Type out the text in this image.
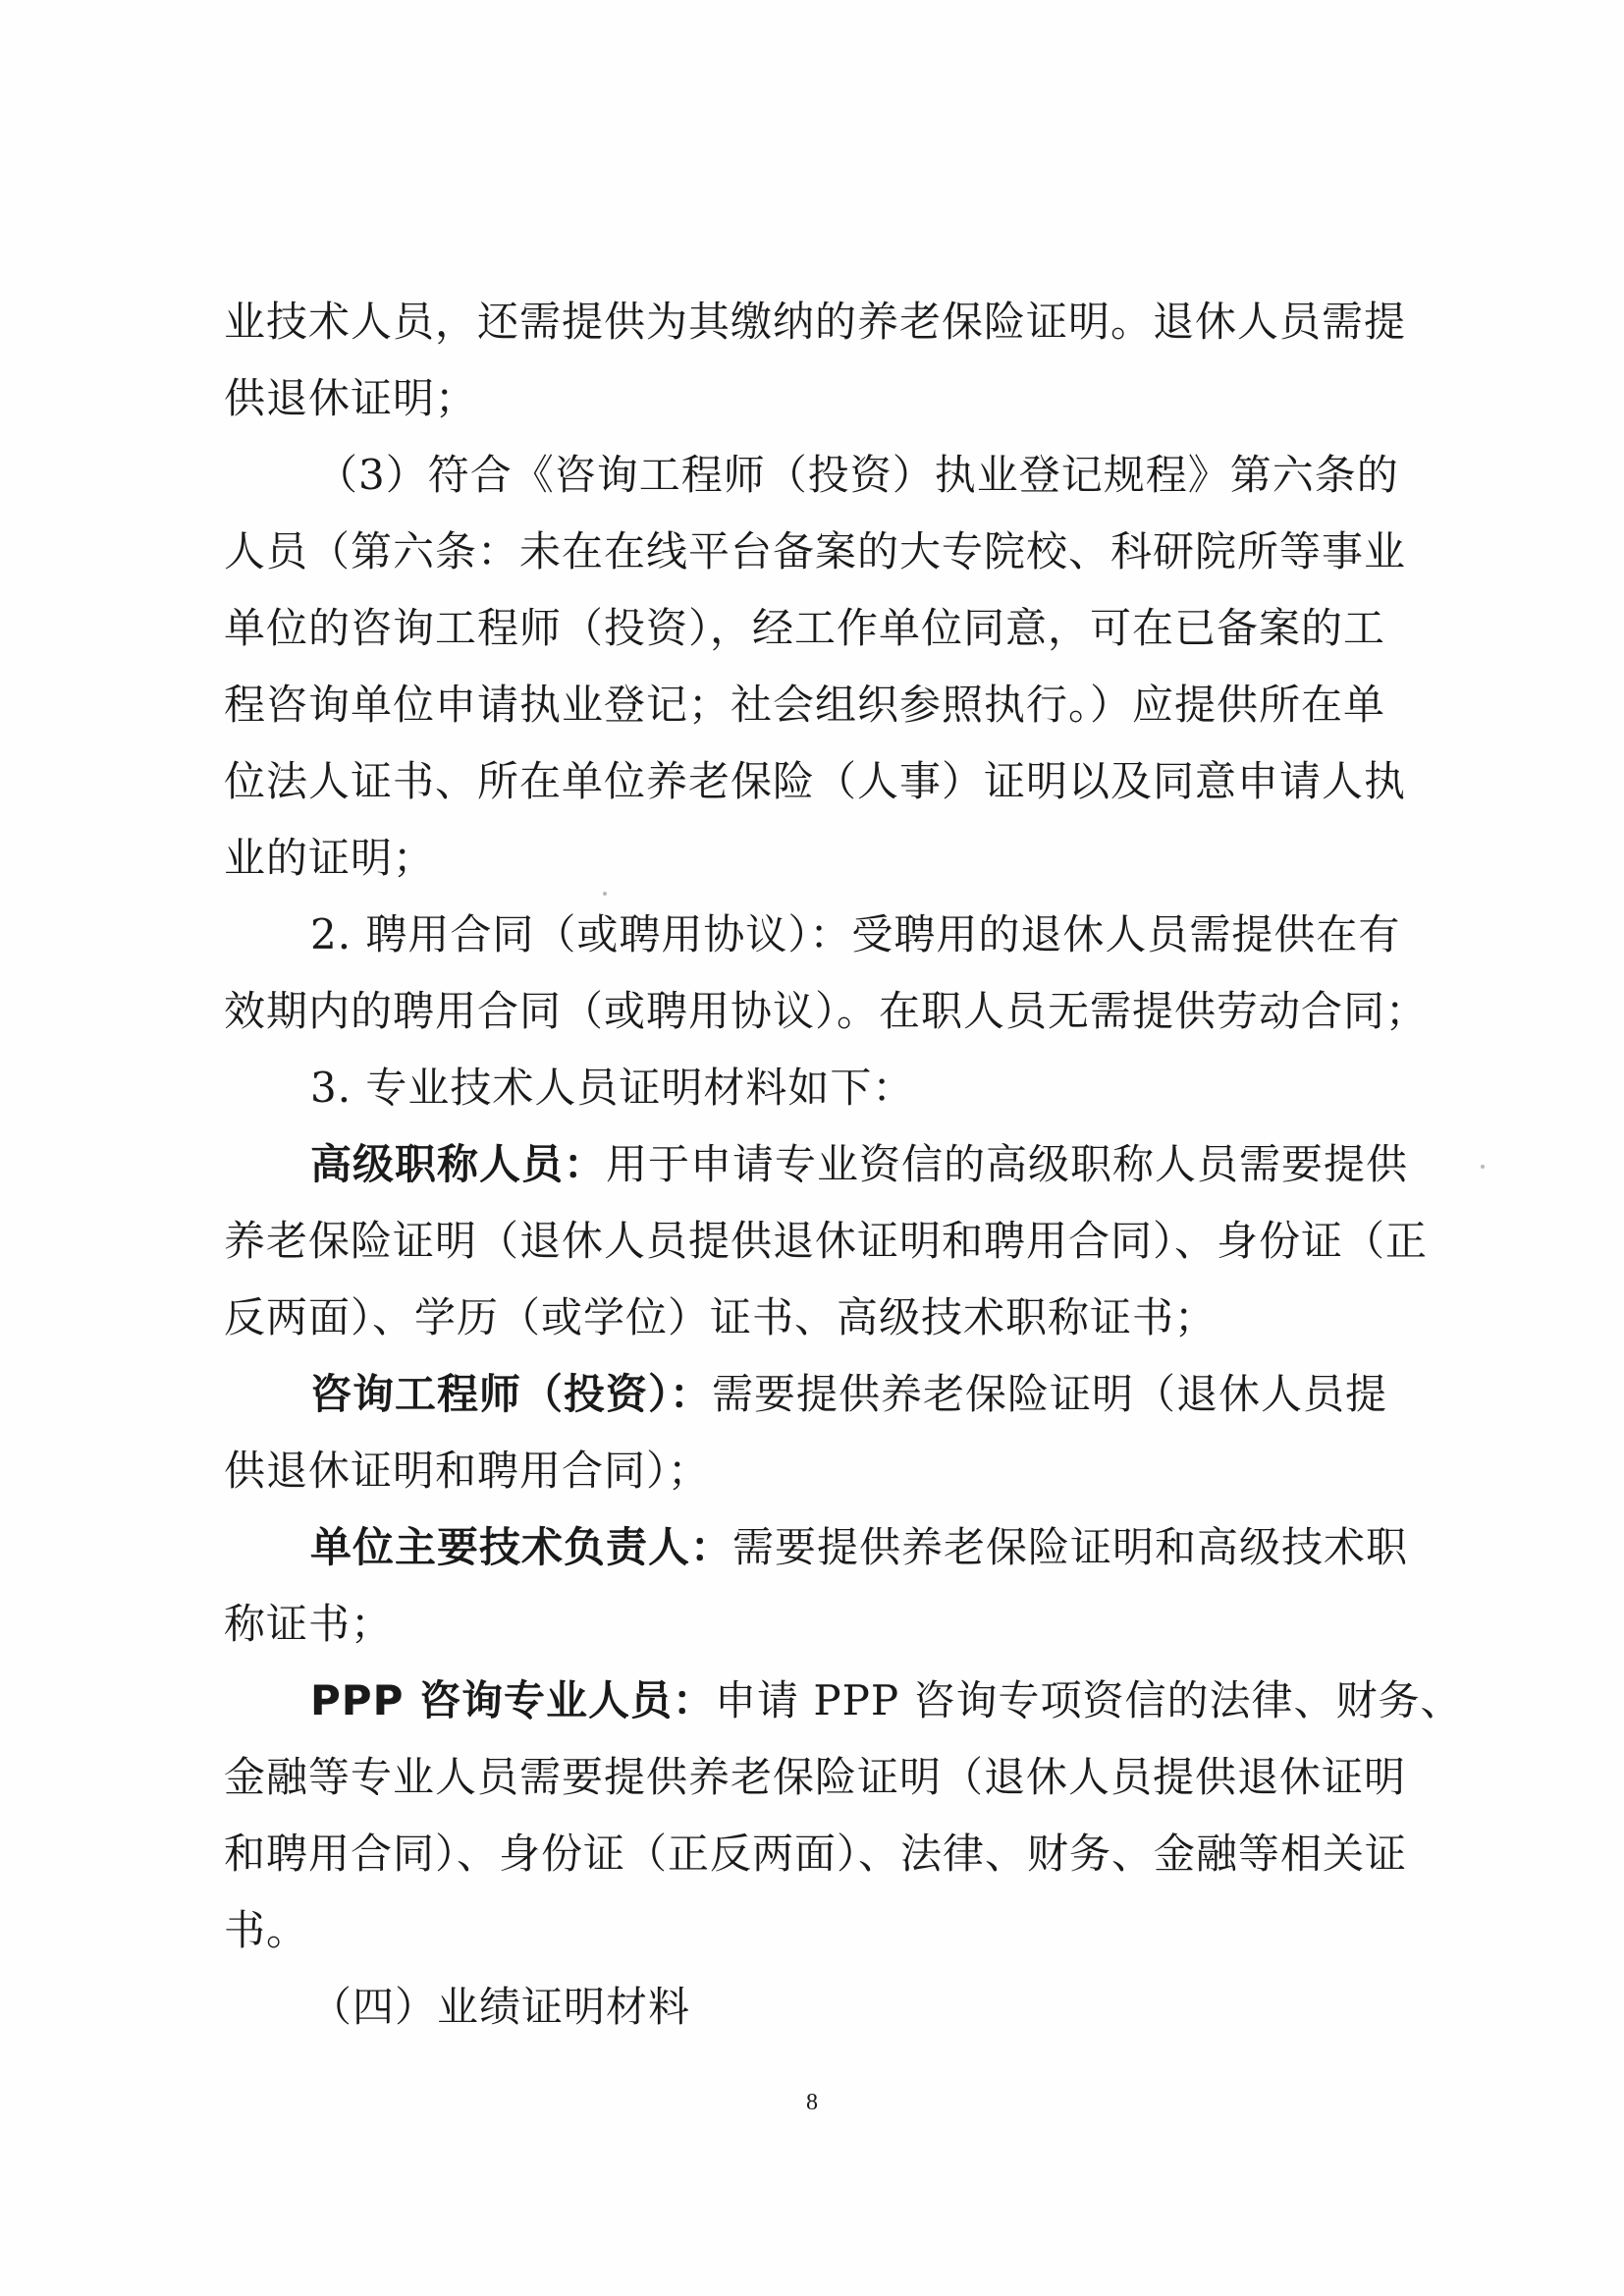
业技术人员，还需提供为其缴纳的养老保险证明。退休人员需提
供退休证明；
（3）符合《咨询工程师（投资）执业登记规程》第六条的
人员（第六条：未在在线平台备案的大专院校、科研院所等事业
单位的咨询工程师（投资），经工作单位同意，可在已备案的工
程咨询单位申请执业登记；社会组织参照执行。）应提供所在单
位法人证书、所在单位养老保险（人事）证明以及同意申请人执
业的证明；
2. 聘用合同（或聘用协议）：受聘用的退休人员需提供在有
效期内的聘用合同（或聘用协议）。在职人员无需提供劳动合同；
3. 专业技术人员证明材料如下：
高级职称人员：用于申请专业资信的高级职称人员需要提供
养老保险证明（退休人员提供退休证明和聘用合同）、身份证（正
反两面）、学历（或学位）证书、高级技术职称证书；
咨询工程师（投资）：需要提供养老保险证明（退休人员提
供退休证明和聘用合同）；
单位主要技术负责人：需要提供养老保险证明和高级技术职
称证书；
PPP 咨询专业人员：申请 PPP 咨询专项资信的法律、财务、
金融等专业人员需要提供养老保险证明（退休人员提供退休证明
和聘用合同）、身份证（正反两面）、法律、财务、金融等相关证
书。
（四）业绩证明材料
8
